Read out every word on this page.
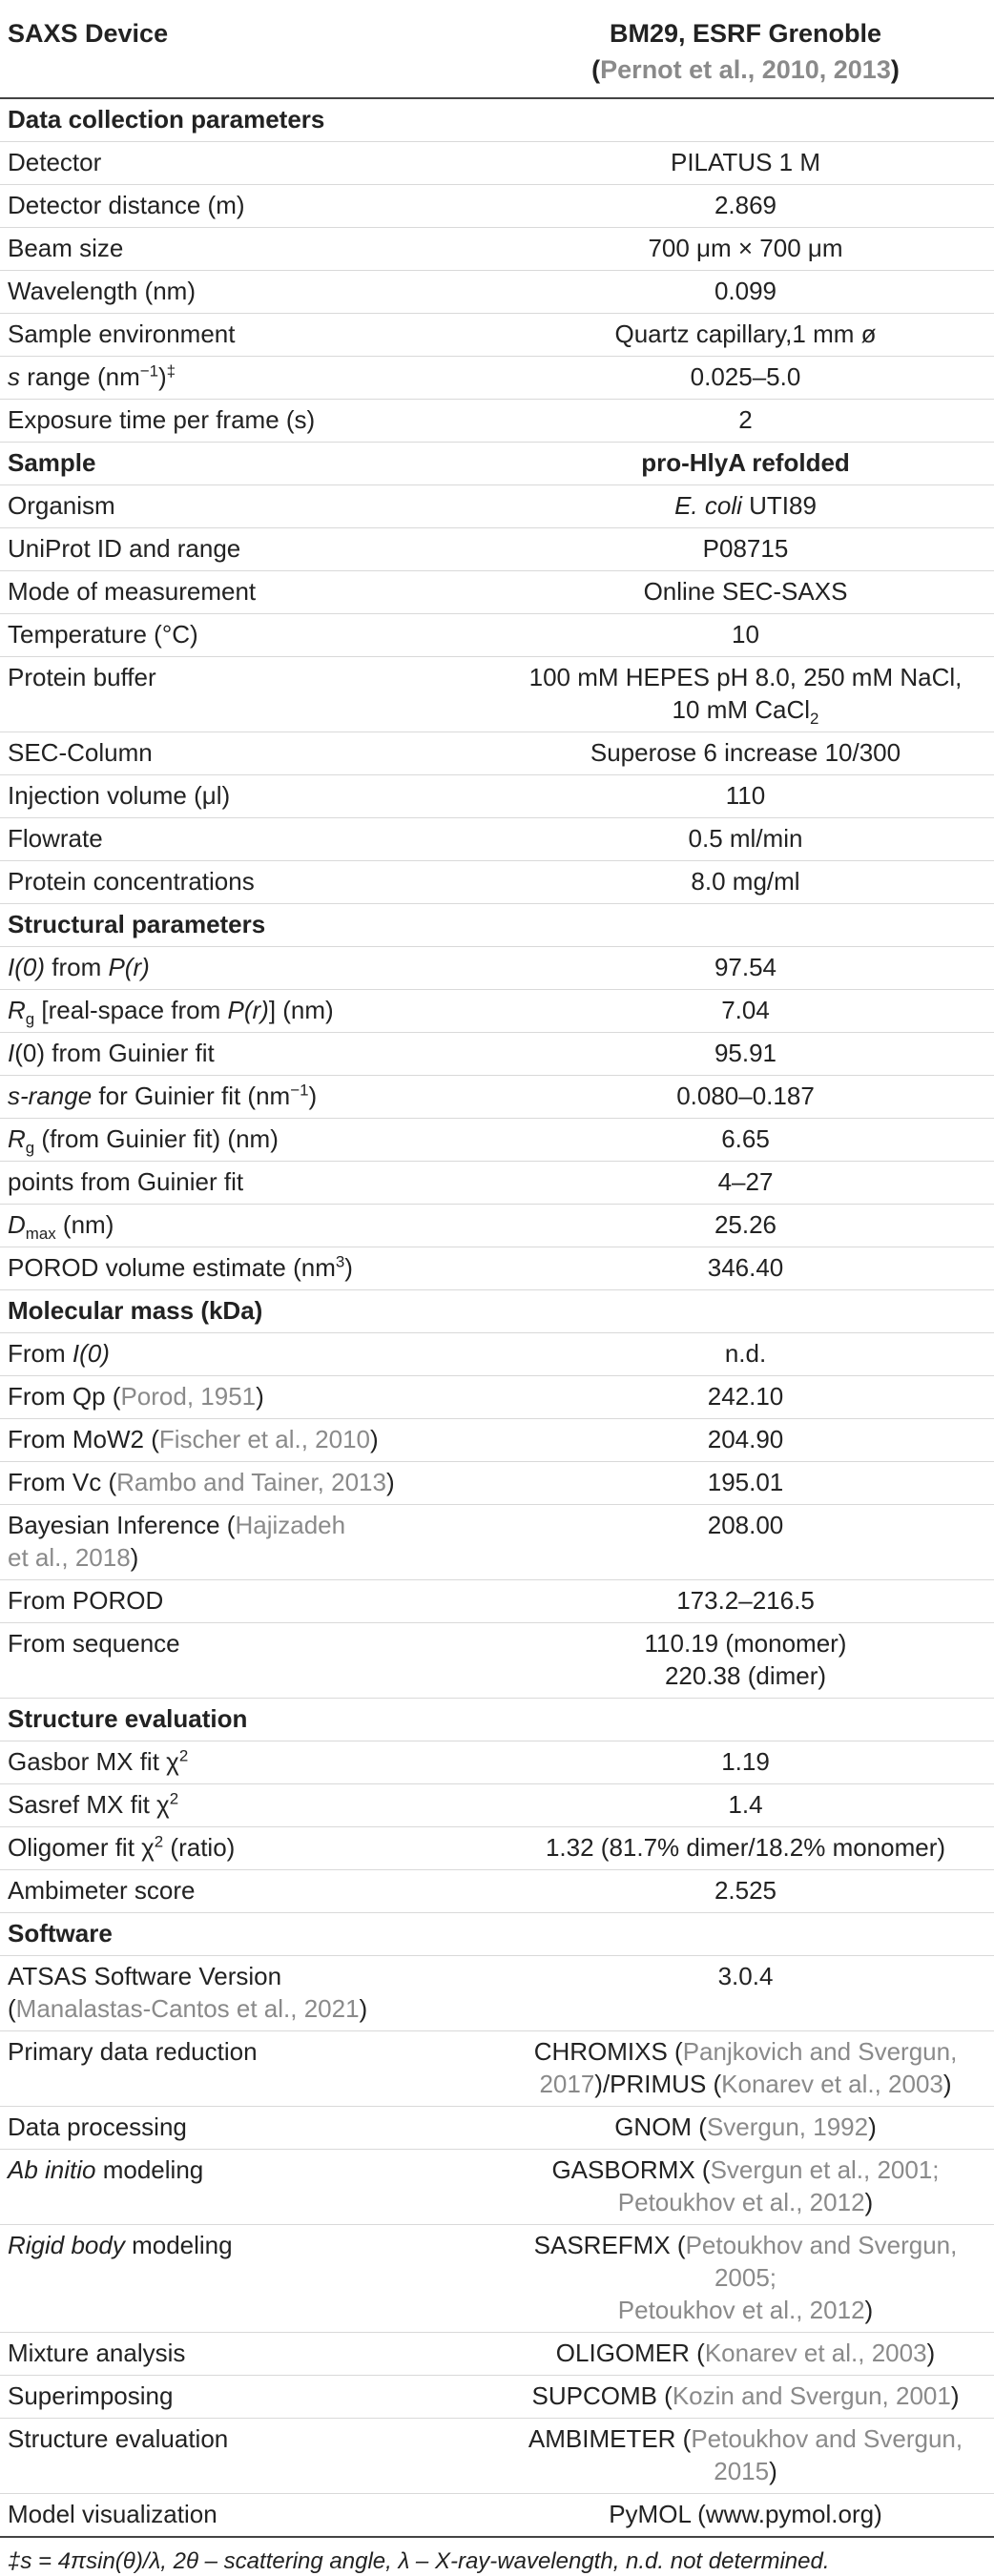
SAXS Device	BM29, ESRF Grenoble
(Pernot et al., 2010, 2013)

Data collection parameters	
Detector	PILATUS 1 M
Detector distance (m)	2.869
Beam size	700 μm × 700 μm
Wavelength (nm)	0.099
Sample environment	Quartz capillary,1 mm ø
s range $(nm^{-1})^\ddagger$	0.025–5.0
Exposure time per frame (s)	2
Sample	pro-HlyA refolded
Organism	E. coli UTI89
UniProt ID and range	P08715
Mode of measurement	Online SEC-SAXS
Temperature (°C)	10
Protein buffer	100 mM HEPES pH 8.0, 250 mM NaCl,
10 mM CaCl$_2$
SEC-Column	Superose 6 increase 10/300
Injection volume (μl)	110
Flowrate	0.5 ml/min
Protein concentrations	8.0 mg/ml
Structural parameters	
I(0) from P(r)	97.54
$R_g$ [real-space from P(r)] (nm)	7.04
I(0) from Guinier fit	95.91
s-range for Guinier fit $(nm^{-1})$	0.080–0.187
$R_g$ (from Guinier fit) (nm)	6.65
points from Guinier fit	4–27
$D_{max}$ (nm)	25.26
POROD volume estimate $(nm^3)$	346.40
Molecular mass (kDa)	
From I(0)	n.d.
From Qp (Porod, 1951)	242.10
From MoW2 (Fischer et al., 2010)	204.90
From Vc (Rambo and Tainer, 2013)	195.01
Bayesian Inference (Hajizadeh
et al., 2018)	208.00
From POROD	173.2–216.5
From sequence	110.19 (monomer)
220.38 (dimer)
Structure evaluation	
Gasbor MX fit $\chi^2$	1.19
Sasref MX fit $\chi^2$	1.4
Oligomer fit $\chi^2$ (ratio)	1.32 (81.7% dimer/18.2% monomer)
Ambimeter score	2.525
Software	
ATSAS Software Version
(Manalastas-Cantos et al., 2021)	3.0.4
Primary data reduction	CHROMIXS (Panjkovich and Svergun,
2017)/PRIMUS (Konarev et al., 2003)
Data processing	GNOM (Svergun, 1992)
Ab initio modeling	GASBORMX (Svergun et al., 2001;
Petoukhov et al., 2012)
Rigid body modeling	SASREFMX (Petoukhov and Svergun, 2005;
Petoukhov et al., 2012)
Mixture analysis	OLIGOMER (Konarev et al., 2003)
Superimposing	SUPCOMB (Kozin and Svergun, 2001)
Structure evaluation	AMBIMETER (Petoukhov and Svergun, 2015)
Model visualization	PyMOL (www.pymol.org)
‡s = 4πsin(θ)/λ, 2θ – scattering angle, λ – X-ray-wavelength, n.d. not determined.
